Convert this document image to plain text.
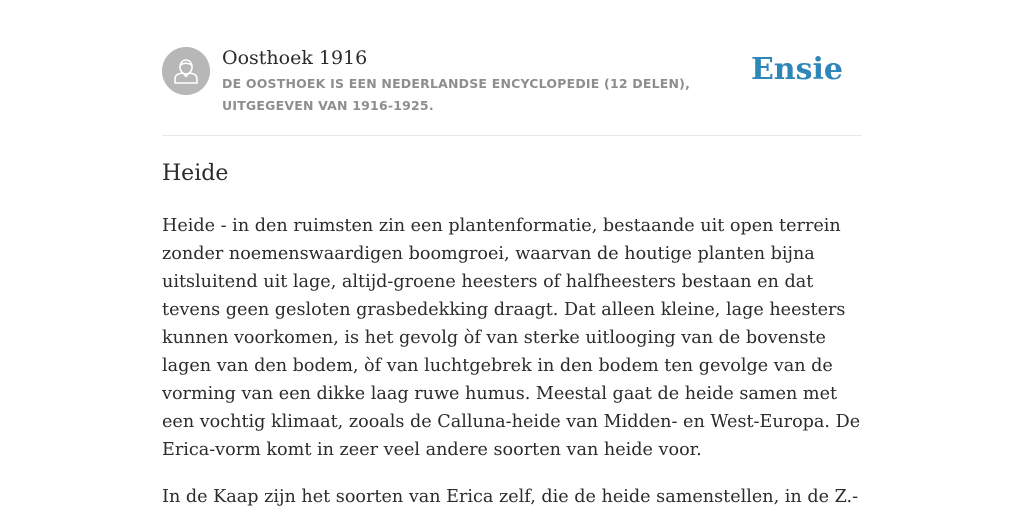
Oosthoek 1916
DE OOSTHOEK IS EEN NEDERLANDSE ENCYCLOPEDIE (12 DELEN), UITGEGEVEN VAN 1916-1925.
Ensie
Heide

Heide - in den ruimsten zin een plantenformatie, bestaande uit open terrein zonder noemenswaardigen boomgroei, waarvan de houtige planten bijna uitsluitend uit lage, altijd-groene heesters of halfheesters bestaan en dat tevens geen gesloten grasbedekking draagt. Dat alleen kleine, lage heesters kunnen voorkomen, is het gevolg òf van sterke uitlooging van de bovenste lagen van den bodem, òf van luchtgebrek in den bodem ten gevolge van de vorming van een dikke laag ruwe humus. Meestal gaat de heide samen met een vochtig klimaat, zooals de Calluna-heide van Midden- en West-Europa. De Erica-vorm komt in zeer veel andere soorten van heide voor.

In de Kaap zijn het soorten van Erica zelf, die de heide samenstellen, in de Z.-
